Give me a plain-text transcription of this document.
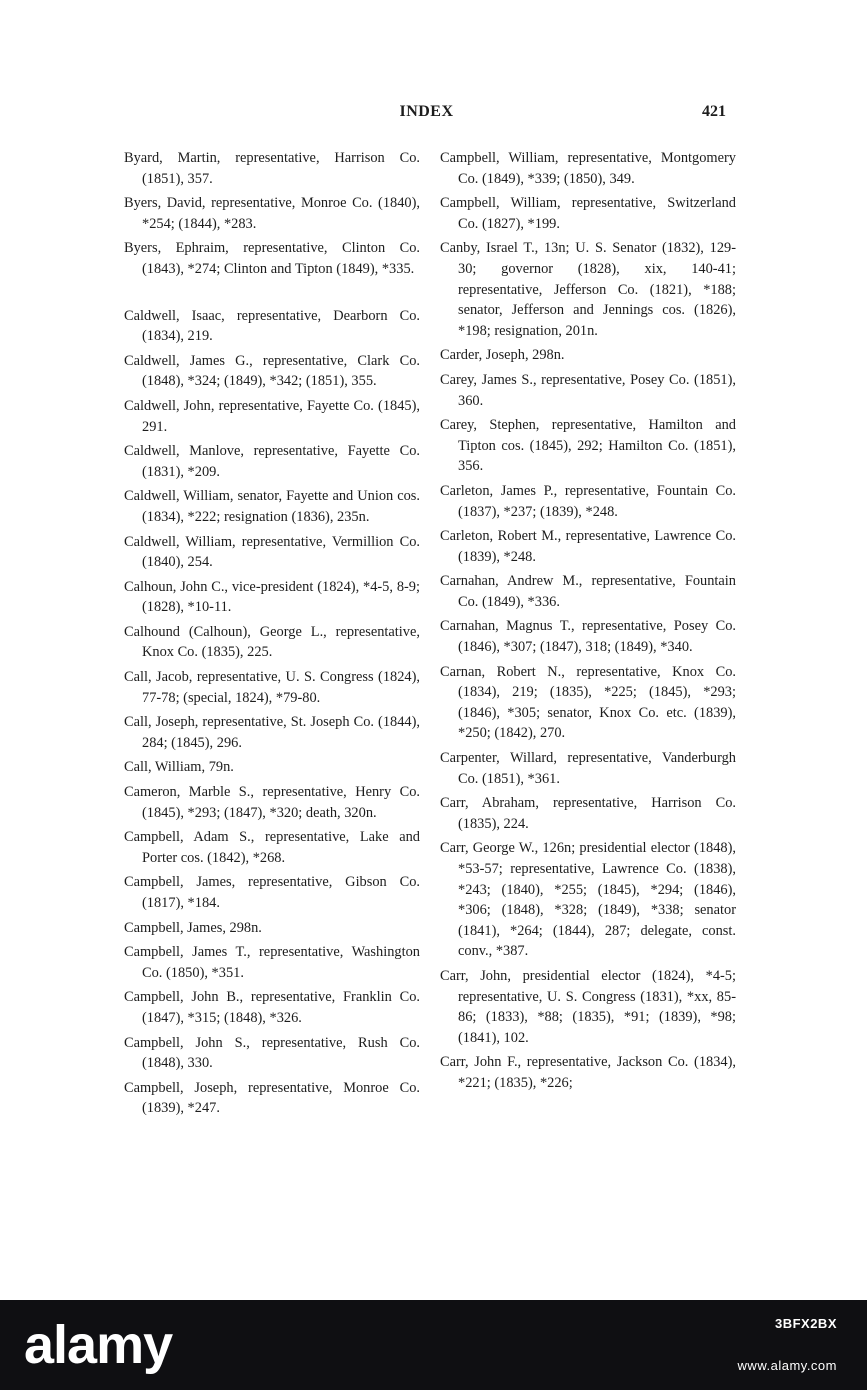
INDEX	421

Byard, Martin, representative, Harrison Co. (1851), 357.

Byers, David, representative, Monroe Co. (1840), *254; (1844), *283.

Byers, Ephraim, representative, Clinton Co. (1843), *274; Clinton and Tipton (1849), *335.

Caldwell, Isaac, representative, Dearborn Co. (1834), 219.

Caldwell, James G., representative, Clark Co. (1848), *324; (1849), *342; (1851), 355.

Caldwell, John, representative, Fayette Co. (1845), 291.

Caldwell, Manlove, representative, Fayette Co. (1831), *209.

Caldwell, William, senator, Fayette and Union cos. (1834), *222; resignation (1836), 235n.

Caldwell, William, representative, Vermillion Co. (1840), 254.

Calhoun, John C., vice-president (1824), *4-5, 8-9; (1828), *10-11.

Calhound (Calhoun), George L., representative, Knox Co. (1835), 225.

Call, Jacob, representative, U. S. Congress (1824), 77-78; (special, 1824), *79-80.

Call, Joseph, representative, St. Joseph Co. (1844), 284; (1845), 296.

Call, William, 79n.

Cameron, Marble S., representative, Henry Co. (1845), *293; (1847), *320; death, 320n.

Campbell, Adam S., representative, Lake and Porter cos. (1842), *268.

Campbell, James, representative, Gibson Co. (1817), *184.

Campbell, James, 298n.

Campbell, James T., representative, Washington Co. (1850), *351.

Campbell, John B., representative, Franklin Co. (1847), *315; (1848), *326.

Campbell, John S., representative, Rush Co. (1848), 330.

Campbell, Joseph, representative, Monroe Co. (1839), *247.

Campbell, William, representative, Montgomery Co. (1849), *339; (1850), 349.

Campbell, William, representative, Switzerland Co. (1827), *199.

Canby, Israel T., 13n; U. S. Senator (1832), 129-30; governor (1828), xix, 140-41; representative, Jefferson Co. (1821), *188; senator, Jefferson and Jennings cos. (1826), *198; resignation, 201n.

Carder, Joseph, 298n.

Carey, James S., representative, Posey Co. (1851), 360.

Carey, Stephen, representative, Hamilton and Tipton cos. (1845), 292; Hamilton Co. (1851), 356.

Carleton, James P., representative, Fountain Co. (1837), *237; (1839), *248.

Carleton, Robert M., representative, Lawrence Co. (1839), *248.

Carnahan, Andrew M., representative, Fountain Co. (1849), *336.

Carnahan, Magnus T., representative, Posey Co. (1846), *307; (1847), 318; (1849), *340.

Carnan, Robert N., representative, Knox Co. (1834), 219; (1835), *225; (1845), *293; (1846), *305; senator, Knox Co. etc. (1839), *250; (1842), 270.

Carpenter, Willard, representative, Vanderburgh Co. (1851), *361.

Carr, Abraham, representative, Harrison Co. (1835), 224.

Carr, George W., 126n; presidential elector (1848), *53-57; representative, Lawrence Co. (1838), *243; (1840), *255; (1845), *294; (1846), *306; (1848), *328; (1849), *338; senator (1841), *264; (1844), 287; delegate, const. conv., *387.

Carr, John, presidential elector (1824), *4-5; representative, U. S. Congress (1831), *xx, 85-86; (1833), *88; (1835), *91; (1839), *98; (1841), 102.

Carr, John F., representative, Jackson Co. (1834), *221; (1835), *226;

alamy	3BFX2BX
www.alamy.com
